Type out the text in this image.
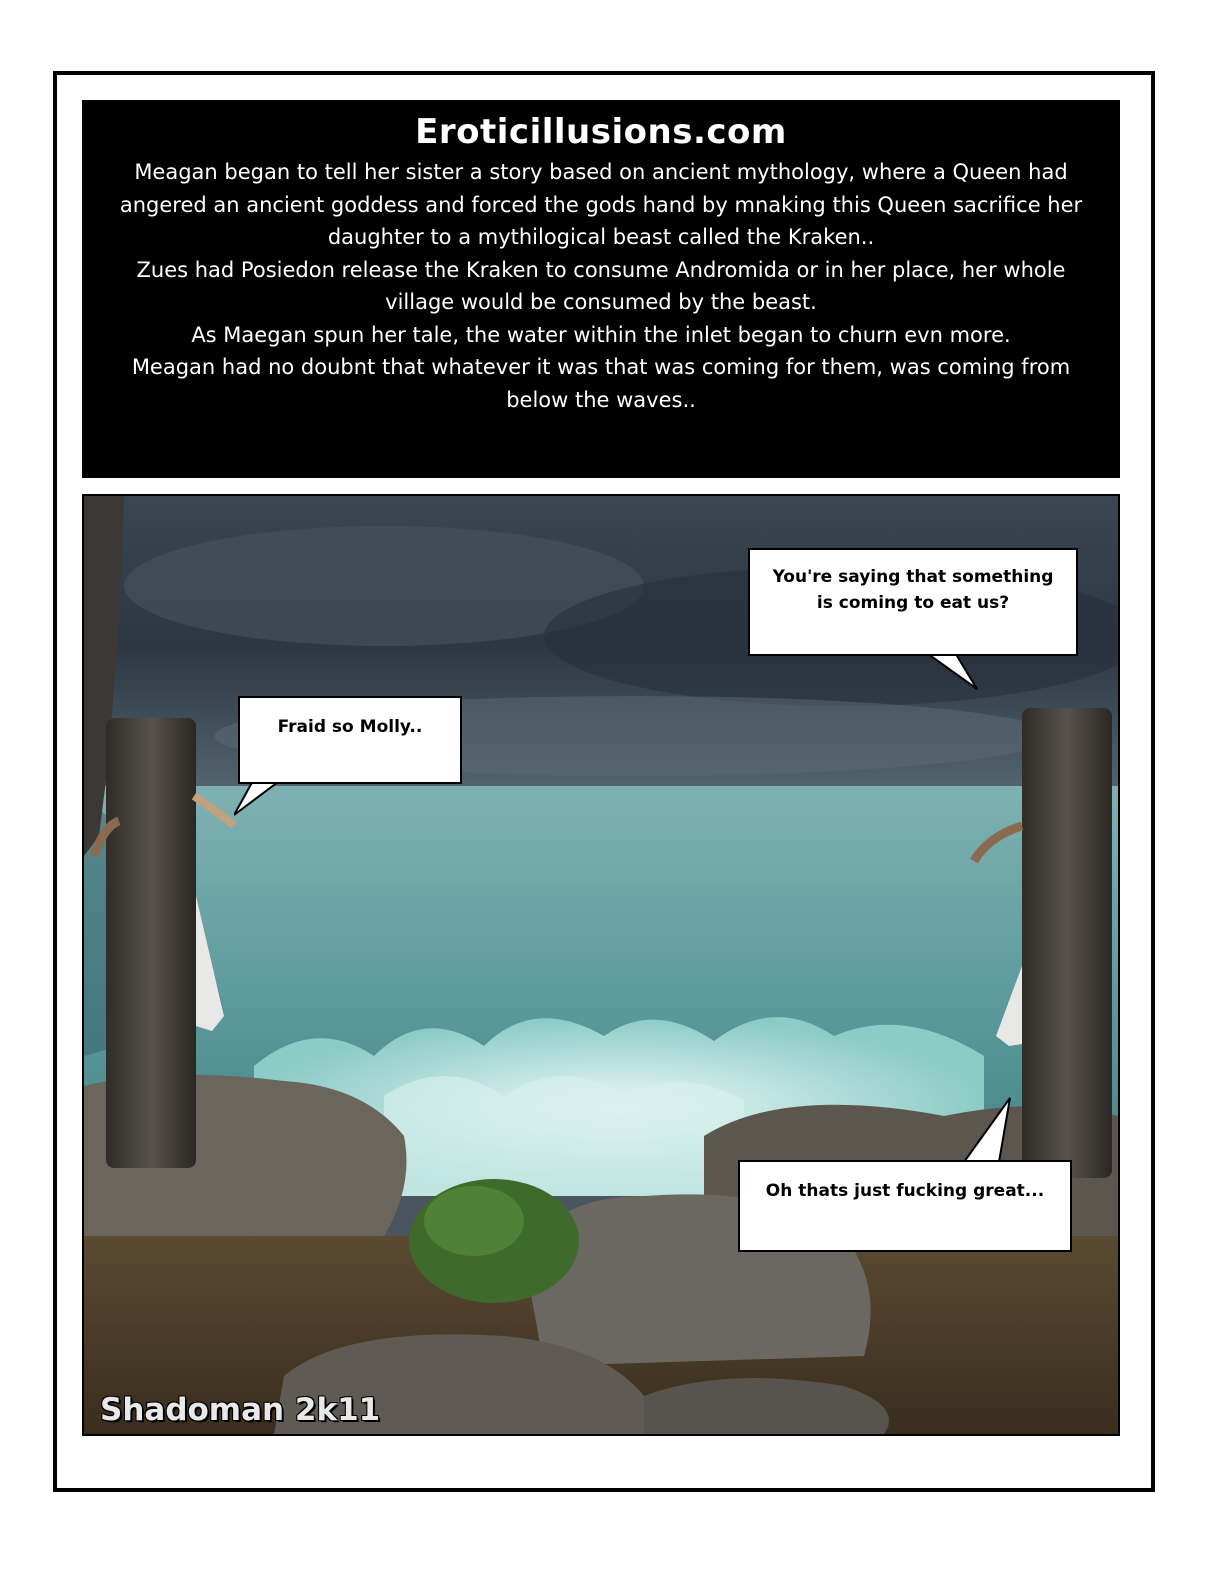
Eroticillusions.com

Meagan began to tell her sister a story based on ancient mythology, where a Queen had angered an ancient goddess and forced the gods hand by mnaking this Queen sacrifice her daughter to a mythilogical beast called the Kraken..

Zues had Posiedon release the Kraken to consume Andromida or in her place, her whole village would be consumed by the beast.

As Maegan spun her tale, the water within the inlet began to churn evn more.

Meagan had no doubnt that whatever it was that was coming for them, was coming from below the waves..

You're saying that something is coming to eat us?
Fraid so Molly..
Oh thats just fucking great...
Shadoman 2k11
